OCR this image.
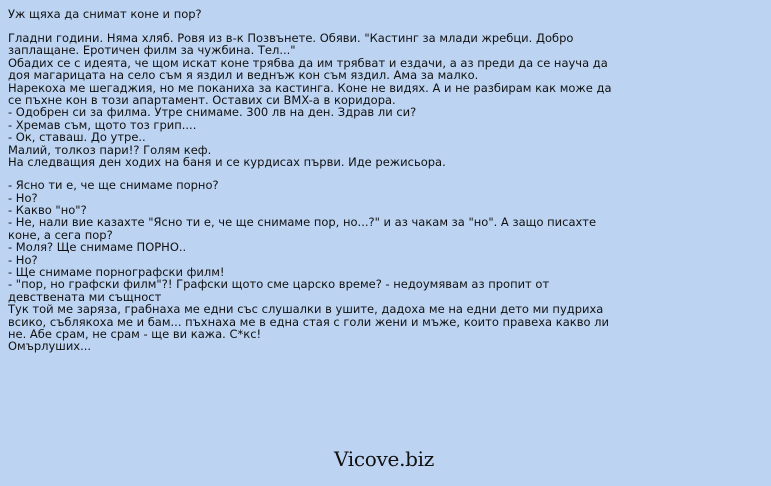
Уж щяха да снимат коне и пор?
Гладни години. Няма хляб. Ровя из в-к Позвънете. Обяви. "Кастинг за млади жребци. Добро
заплащане. Еротичен филм за чужбина. Тел..."
Обадих се с идеята, че щом искат коне трябва да им трябват и ездачи, а аз преди да се науча да
доя магарицата на село съм я яздил и веднъж кон съм яздил. Ама за малко.
Нарекоха ме шегаджия, но ме поканиха за кастинга. Коне не видях. А и не разбирам как може да
се пъхне кон в този апартамент. Оставих си BMX-a в коридора.
- Одобрен си за филма. Утре снимаме. 300 лв на ден. Здрав ли си?
- Хремав съм, щото тоз грип....
- Ок, ставаш. До утре..
Малий, толкоз пари!? Голям кеф.
На следващия ден ходих на баня и се курдисах първи. Иде режисьора.
- Ясно ти е, че ще снимаме порно?
- Но?
- Какво "но"?
- Не, нали вие казахте "Ясно ти е, че ще снимаме пор, но...?" и аз чакам за "но". А защо писахте
коне, а сега пор?
- Моля? Ще снимаме ПОРНО..
- Но?
- Ще снимаме порнографски филм!
- "пор, но графски филм"?! Графски щото сме царско време? - недоумявам аз пропит от
девствената ми същност
Тук той ме заряза, грабнаха ме едни със слушалки в ушите, дадоха ме на едни дето ми пудриха
всико, съблякоха ме и бам... пъхнаха ме в една стая с голи жени и мъже, които правеха какво ли
не. Абе срам, не срам - ще ви кажа. С*кс!
Омърлуших...
Vicove.biz
